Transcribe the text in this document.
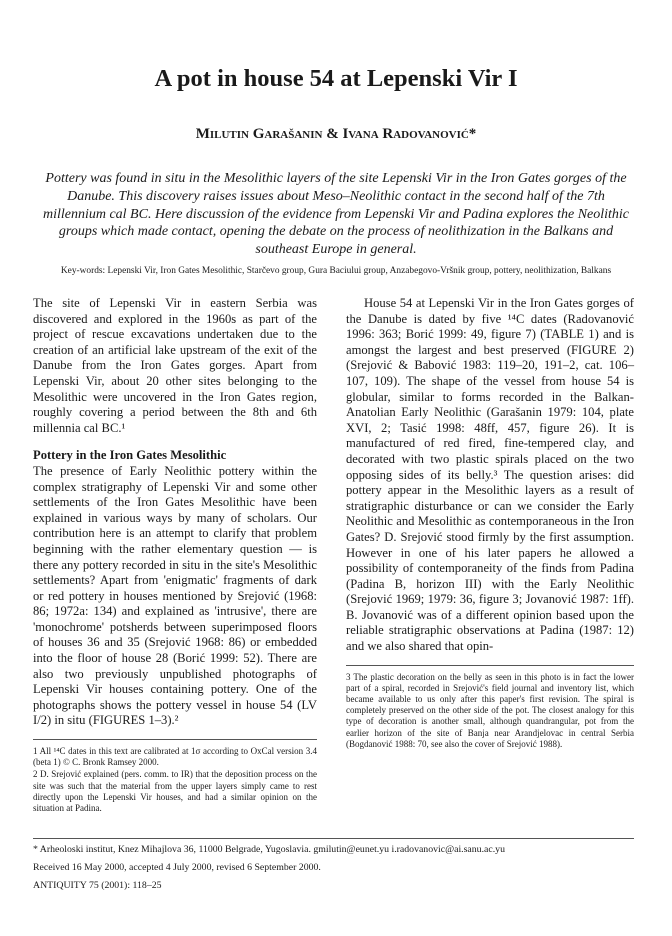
A pot in house 54 at Lepenski Vir I
Milutin Garašanin & Ivana Radovanović*

Pottery was found in situ in the Mesolithic layers of the site Lepenski Vir in the Iron Gates gorges of the Danube. This discovery raises issues about Meso–Neolithic contact in the second half of the 7th millennium cal BC. Here discussion of the evidence from Lepenski Vir and Padina explores the Neolithic groups which made contact, opening the debate on the process of neolithization in the Balkans and southeast Europe in general.

Key-words: Lepenski Vir, Iron Gates Mesolithic, Starčevo group, Gura Baciului group, Anzabegovo-Vršnik group, pottery, neolithization, Balkans

The site of Lepenski Vir in eastern Serbia was discovered and explored in the 1960s as part of the project of rescue excavations undertaken due to the creation of an artificial lake upstream of the exit of the Danube from the Iron Gates gorges. Apart from Lepenski Vir, about 20 other sites belonging to the Mesolithic were uncovered in the Iron Gates region, roughly covering a period between the 8th and 6th millennia cal BC.¹

Pottery in the Iron Gates Mesolithic

The presence of Early Neolithic pottery within the complex stratigraphy of Lepenski Vir and some other settlements of the Iron Gates Mesolithic have been explained in various ways by many of scholars. Our contribution here is an attempt to clarify that problem beginning with the rather elementary question — is there any pottery recorded in situ in the site's Mesolithic settlements? Apart from 'enigmatic' fragments of dark or red pottery in houses mentioned by Srejović (1968: 86; 1972a: 134) and explained as 'intrusive', there are 'monochrome' potsherds between superimposed floors of houses 36 and 35 (Srejović 1968: 86) or embedded into the floor of house 28 (Borić 1999: 52). There are also two previously unpublished photographs of Lepenski Vir houses containing pottery. One of the photographs shows the pottery vessel in house 54 (LV I/2) in situ (FIGURES 1–3).²

1 All ¹⁴C dates in this text are calibrated at 1σ according to OxCal version 3.4 (beta 1) © C. Bronk Ramsey 2000.

2 D. Srejović explained (pers. comm. to IR) that the deposition process on the site was such that the material from the upper layers simply came to rest directly upon the Lepenski Vir houses, and had a similar opinion on the situation at Padina.

House 54 at Lepenski Vir in the Iron Gates gorges of the Danube is dated by five ¹⁴C dates (Radovanović 1996: 363; Borić 1999: 49, figure 7) (TABLE 1) and is amongst the largest and best preserved (FIGURE 2) (Srejović & Babović 1983: 119–20, 191–2, cat. 106–107, 109). The shape of the vessel from house 54 is globular, similar to forms recorded in the Balkan-Anatolian Early Neolithic (Garašanin 1979: 104, plate XVI, 2; Tasić 1998: 48ff, 457, figure 26). It is manufactured of red fired, fine-tempered clay, and decorated with two plastic spirals placed on the two opposing sides of its belly.³ The question arises: did pottery appear in the Mesolithic layers as a result of stratigraphic disturbance or can we consider the Early Neolithic and Mesolithic as contemporaneous in the Iron Gates? D. Srejović stood firmly by the first assumption. However in one of his later papers he allowed a possibility of contemporaneity of the finds from Padina (Padina B, horizon III) with the Early Neolithic (Srejović 1969; 1979: 36, figure 3; Jovanović 1987: 1ff). B. Jovanović was of a different opinion based upon the reliable stratigraphic observations at Padina (1987: 12) and we also shared that opin-

3 The plastic decoration on the belly as seen in this photo is in fact the lower part of a spiral, recorded in Srejović's field journal and inventory list, which became available to us only after this paper's first revision. The spiral is completely preserved on the other side of the pot. The closest analogy for this type of decoration is another small, although quandrangular, pot from the earlier horizon of the site of Banja near Arandjelovac in central Serbia (Bogdanović 1988: 70, see also the cover of Srejović 1988).

* Arheoloski institut, Knez Mihajlova 36, 11000 Belgrade, Yugoslavia. gmilutin@eunet.yu i.radovanovic@ai.sanu.ac.yu

Received 16 May 2000, accepted 4 July 2000, revised 6 September 2000.

ANTIQUITY 75 (2001): 118–25
